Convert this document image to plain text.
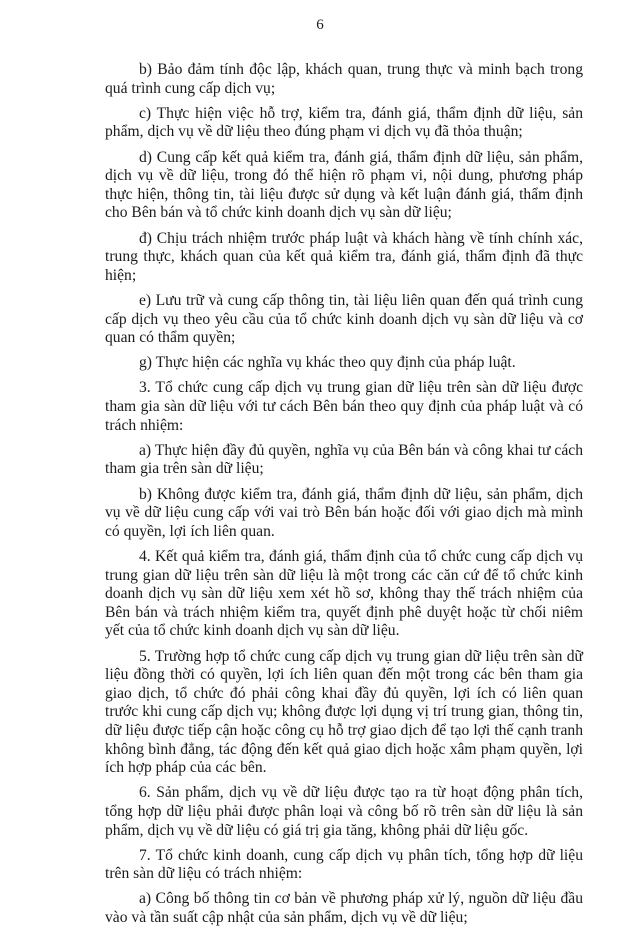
6

b) Bảo đảm tính độc lập, khách quan, trung thực và minh bạch trong quá trình cung cấp dịch vụ;

c) Thực hiện việc hỗ trợ, kiểm tra, đánh giá, thẩm định dữ liệu, sản phẩm, dịch vụ về dữ liệu theo đúng phạm vi dịch vụ đã thỏa thuận;

d) Cung cấp kết quả kiểm tra, đánh giá, thẩm định dữ liệu, sản phẩm, dịch vụ về dữ liệu, trong đó thể hiện rõ phạm vi, nội dung, phương pháp thực hiện, thông tin, tài liệu được sử dụng và kết luận đánh giá, thẩm định cho Bên bán và tổ chức kinh doanh dịch vụ sàn dữ liệu;

đ) Chịu trách nhiệm trước pháp luật và khách hàng về tính chính xác, trung thực, khách quan của kết quả kiểm tra, đánh giá, thẩm định đã thực hiện;

e) Lưu trữ và cung cấp thông tin, tài liệu liên quan đến quá trình cung cấp dịch vụ theo yêu cầu của tổ chức kinh doanh dịch vụ sàn dữ liệu và cơ quan có thẩm quyền;

g) Thực hiện các nghĩa vụ khác theo quy định của pháp luật.

3. Tổ chức cung cấp dịch vụ trung gian dữ liệu trên sàn dữ liệu được tham gia sàn dữ liệu với tư cách Bên bán theo quy định của pháp luật và có trách nhiệm:

a) Thực hiện đầy đủ quyền, nghĩa vụ của Bên bán và công khai tư cách tham gia trên sàn dữ liệu;

b) Không được kiểm tra, đánh giá, thẩm định dữ liệu, sản phẩm, dịch vụ về dữ liệu cung cấp với vai trò Bên bán hoặc đối với giao dịch mà mình có quyền, lợi ích liên quan.

4. Kết quả kiểm tra, đánh giá, thẩm định của tổ chức cung cấp dịch vụ trung gian dữ liệu trên sàn dữ liệu là một trong các căn cứ để tổ chức kinh doanh dịch vụ sàn dữ liệu xem xét hồ sơ, không thay thế trách nhiệm của Bên bán và trách nhiệm kiểm tra, quyết định phê duyệt hoặc từ chối niêm yết của tổ chức kinh doanh dịch vụ sàn dữ liệu.

5. Trường hợp tổ chức cung cấp dịch vụ trung gian dữ liệu trên sàn dữ liệu đồng thời có quyền, lợi ích liên quan đến một trong các bên tham gia giao dịch, tổ chức đó phải công khai đầy đủ quyền, lợi ích có liên quan trước khi cung cấp dịch vụ; không được lợi dụng vị trí trung gian, thông tin, dữ liệu được tiếp cận hoặc công cụ hỗ trợ giao dịch để tạo lợi thế cạnh tranh không bình đẳng, tác động đến kết quả giao dịch hoặc xâm phạm quyền, lợi ích hợp pháp của các bên.

6. Sản phẩm, dịch vụ về dữ liệu được tạo ra từ hoạt động phân tích, tổng hợp dữ liệu phải được phân loại và công bố rõ trên sàn dữ liệu là sản phẩm, dịch vụ về dữ liệu có giá trị gia tăng, không phải dữ liệu gốc.

7. Tổ chức kinh doanh, cung cấp dịch vụ phân tích, tổng hợp dữ liệu trên sàn dữ liệu có trách nhiệm:

a) Công bố thông tin cơ bản về phương pháp xử lý, nguồn dữ liệu đầu vào và tần suất cập nhật của sản phẩm, dịch vụ về dữ liệu;
